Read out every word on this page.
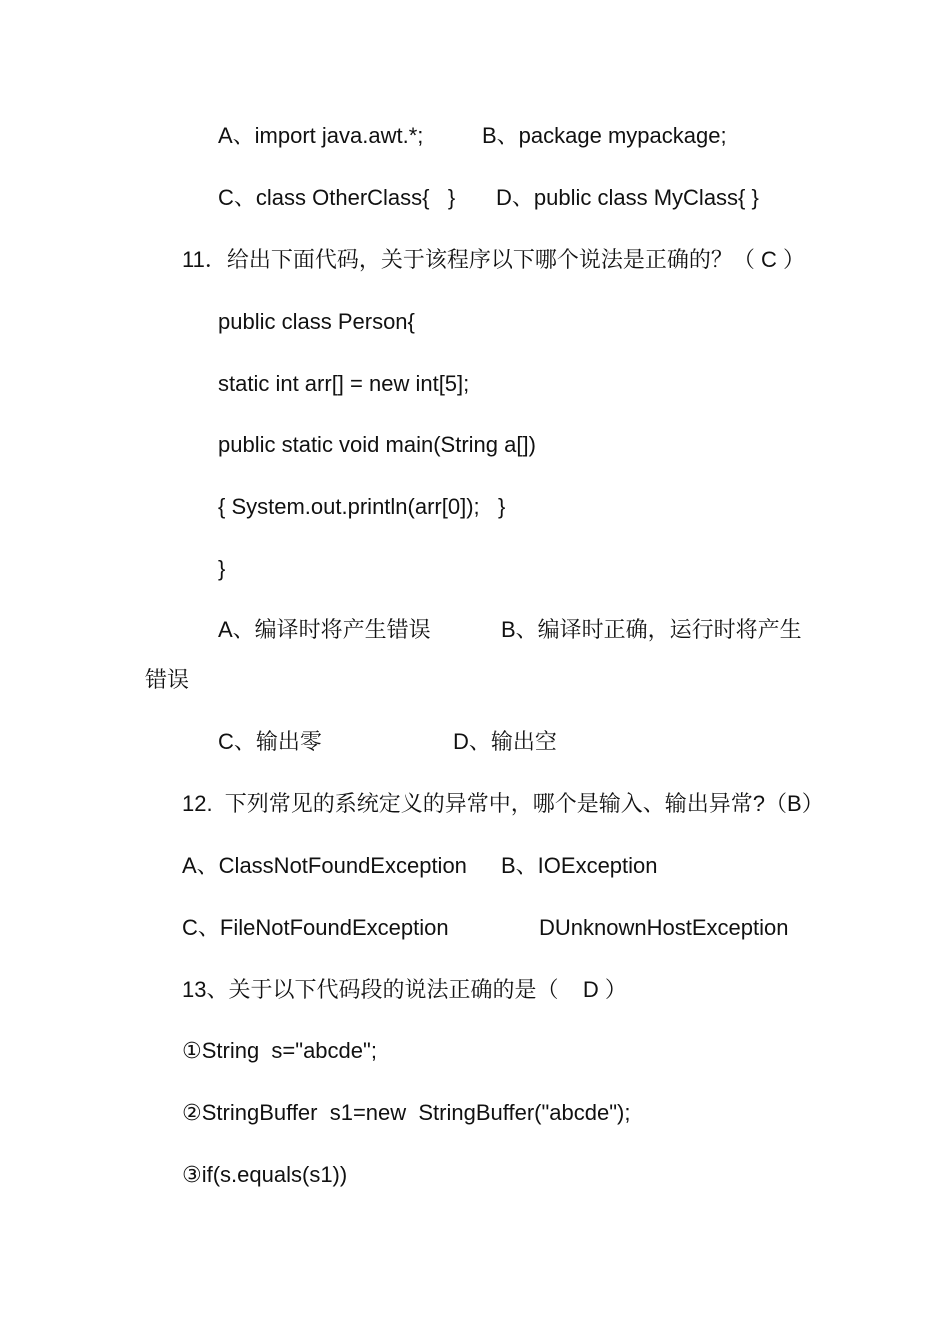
A、import java.awt.*;	B、package mypackage;
C、class OtherClass{   } D、public class MyClass{ }
11．给出下面代码，关于该程序以下哪个说法是正确的？（ C ）
public class Person{
static int arr[] = new int[5];
public static void main(String a[])
{ System.out.println(arr[0]);   }
}
A、编译时将产生错误	B、编译时正确，运行时将产生
错误
C、输出零	D、输出空
12.  下列常见的系统定义的异常中，哪个是输入、输出异常?（B）
A、ClassNotFoundException B、IOException
C、FileNotFoundException	DUnknownHostException
13、关于以下代码段的说法正确的是（    D ）
①String  s="abcde";
②StringBuffer  s1=new  StringBuffer("abcde");
③if(s.equals(s1))
